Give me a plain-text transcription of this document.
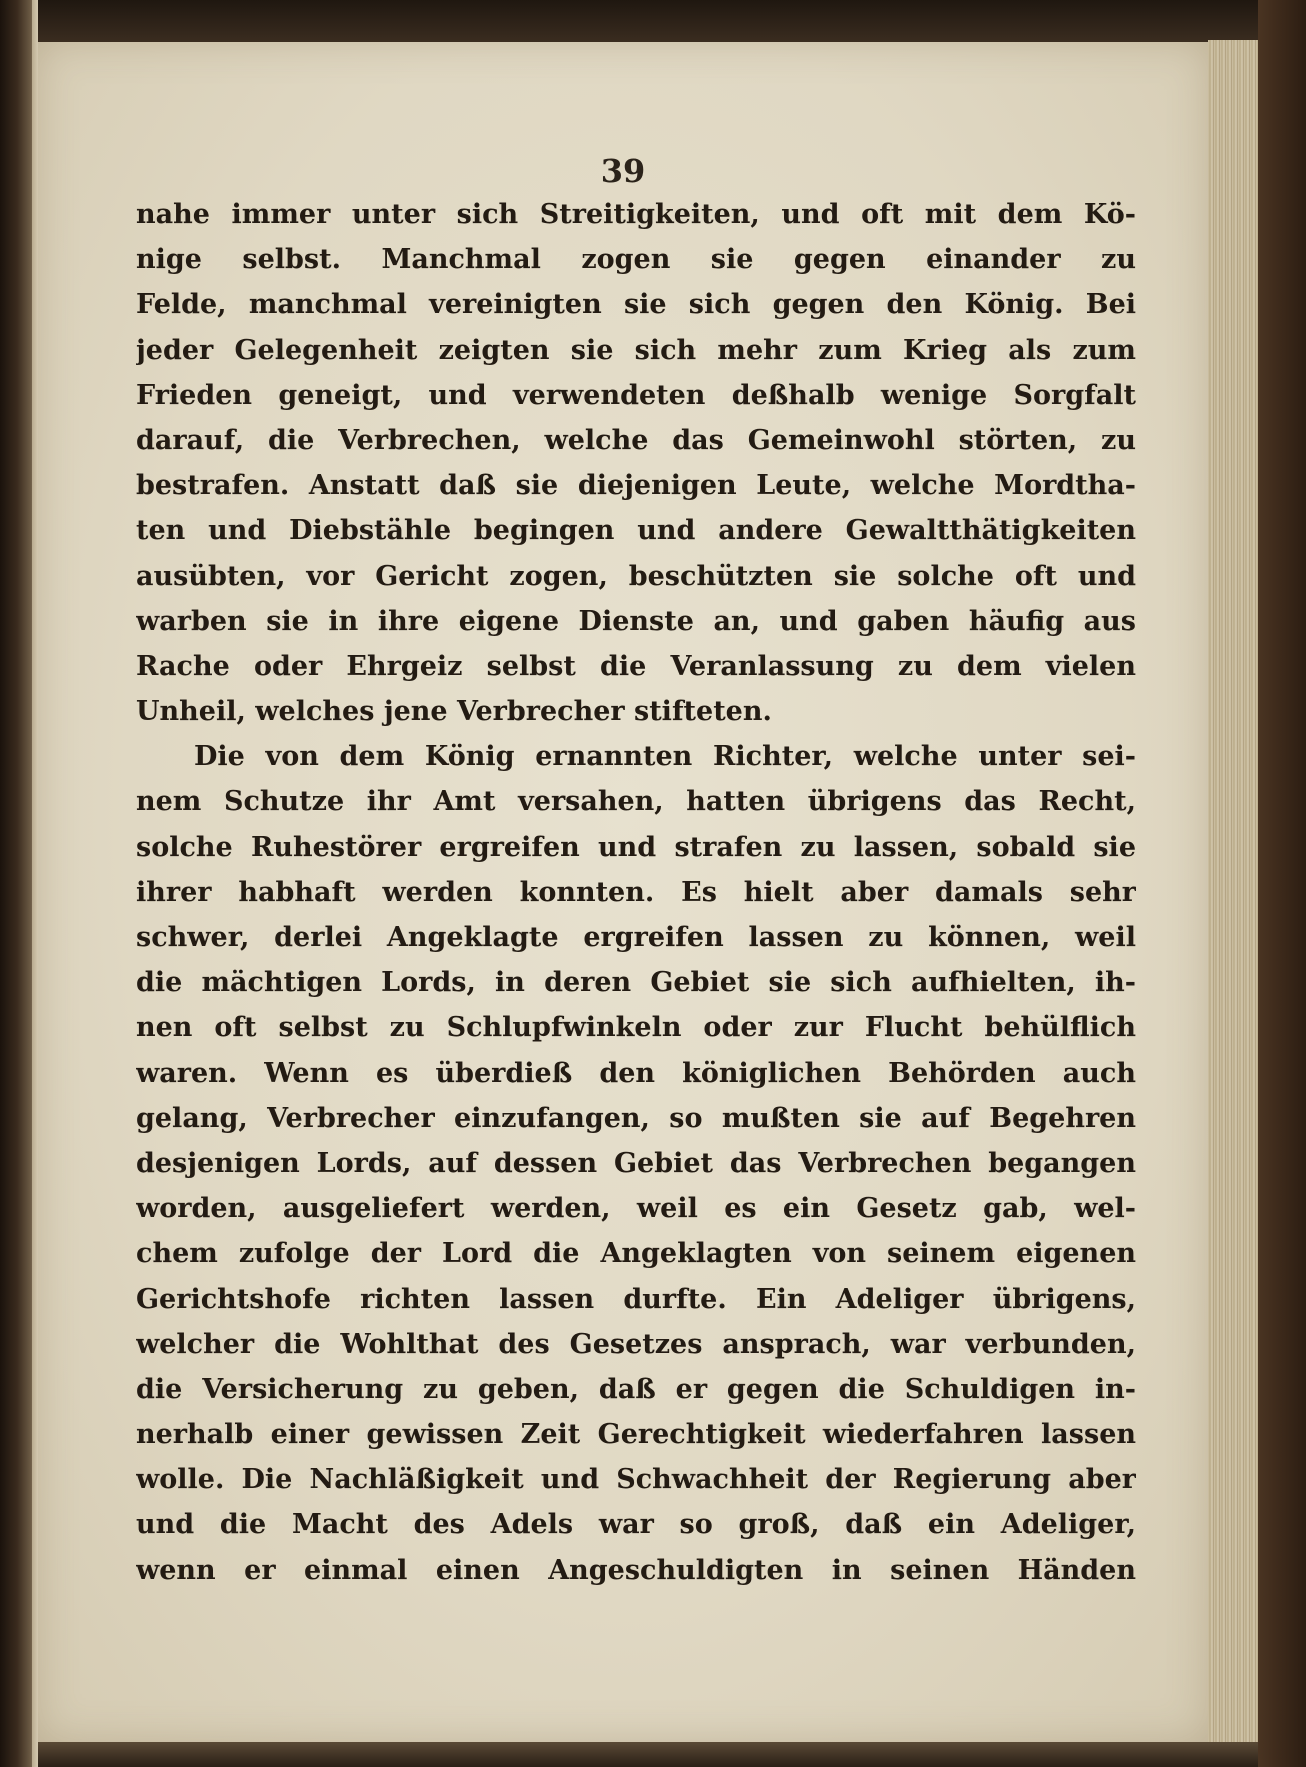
39
nahe immer unter sich Streitigkeiten, und oft mit dem Kö-
nige selbst. Manchmal zogen sie gegen einander zu
Felde, manchmal vereinigten sie sich gegen den König. Bei
jeder Gelegenheit zeigten sie sich mehr zum Krieg als zum
Frieden geneigt, und verwendeten deßhalb wenige Sorgfalt
darauf, die Verbrechen, welche das Gemeinwohl störten, zu
bestrafen. Anstatt daß sie diejenigen Leute, welche Mordtha-
ten und Diebstähle begingen und andere Gewaltthätigkeiten
ausübten, vor Gericht zogen, beschützten sie solche oft und
warben sie in ihre eigene Dienste an, und gaben häufig aus
Rache oder Ehrgeiz selbst die Veranlassung zu dem vielen
Unheil, welches jene Verbrecher stifteten.
Die von dem König ernannten Richter, welche unter sei-
nem Schutze ihr Amt versahen, hatten übrigens das Recht,
solche Ruhestörer ergreifen und strafen zu lassen, sobald sie
ihrer habhaft werden konnten. Es hielt aber damals sehr
schwer, derlei Angeklagte ergreifen lassen zu können, weil
die mächtigen Lords, in deren Gebiet sie sich aufhielten, ih-
nen oft selbst zu Schlupfwinkeln oder zur Flucht behülflich
waren. Wenn es überdieß den königlichen Behörden auch
gelang, Verbrecher einzufangen, so mußten sie auf Begehren
desjenigen Lords, auf dessen Gebiet das Verbrechen begangen
worden, ausgeliefert werden, weil es ein Gesetz gab, wel-
chem zufolge der Lord die Angeklagten von seinem eigenen
Gerichtshofe richten lassen durfte. Ein Adeliger übrigens,
welcher die Wohlthat des Gesetzes ansprach, war verbunden,
die Versicherung zu geben, daß er gegen die Schuldigen in-
nerhalb einer gewissen Zeit Gerechtigkeit wiederfahren lassen
wolle. Die Nachläßigkeit und Schwachheit der Regierung aber
und die Macht des Adels war so groß, daß ein Adeliger,
wenn er einmal einen Angeschuldigten in seinen Händen
